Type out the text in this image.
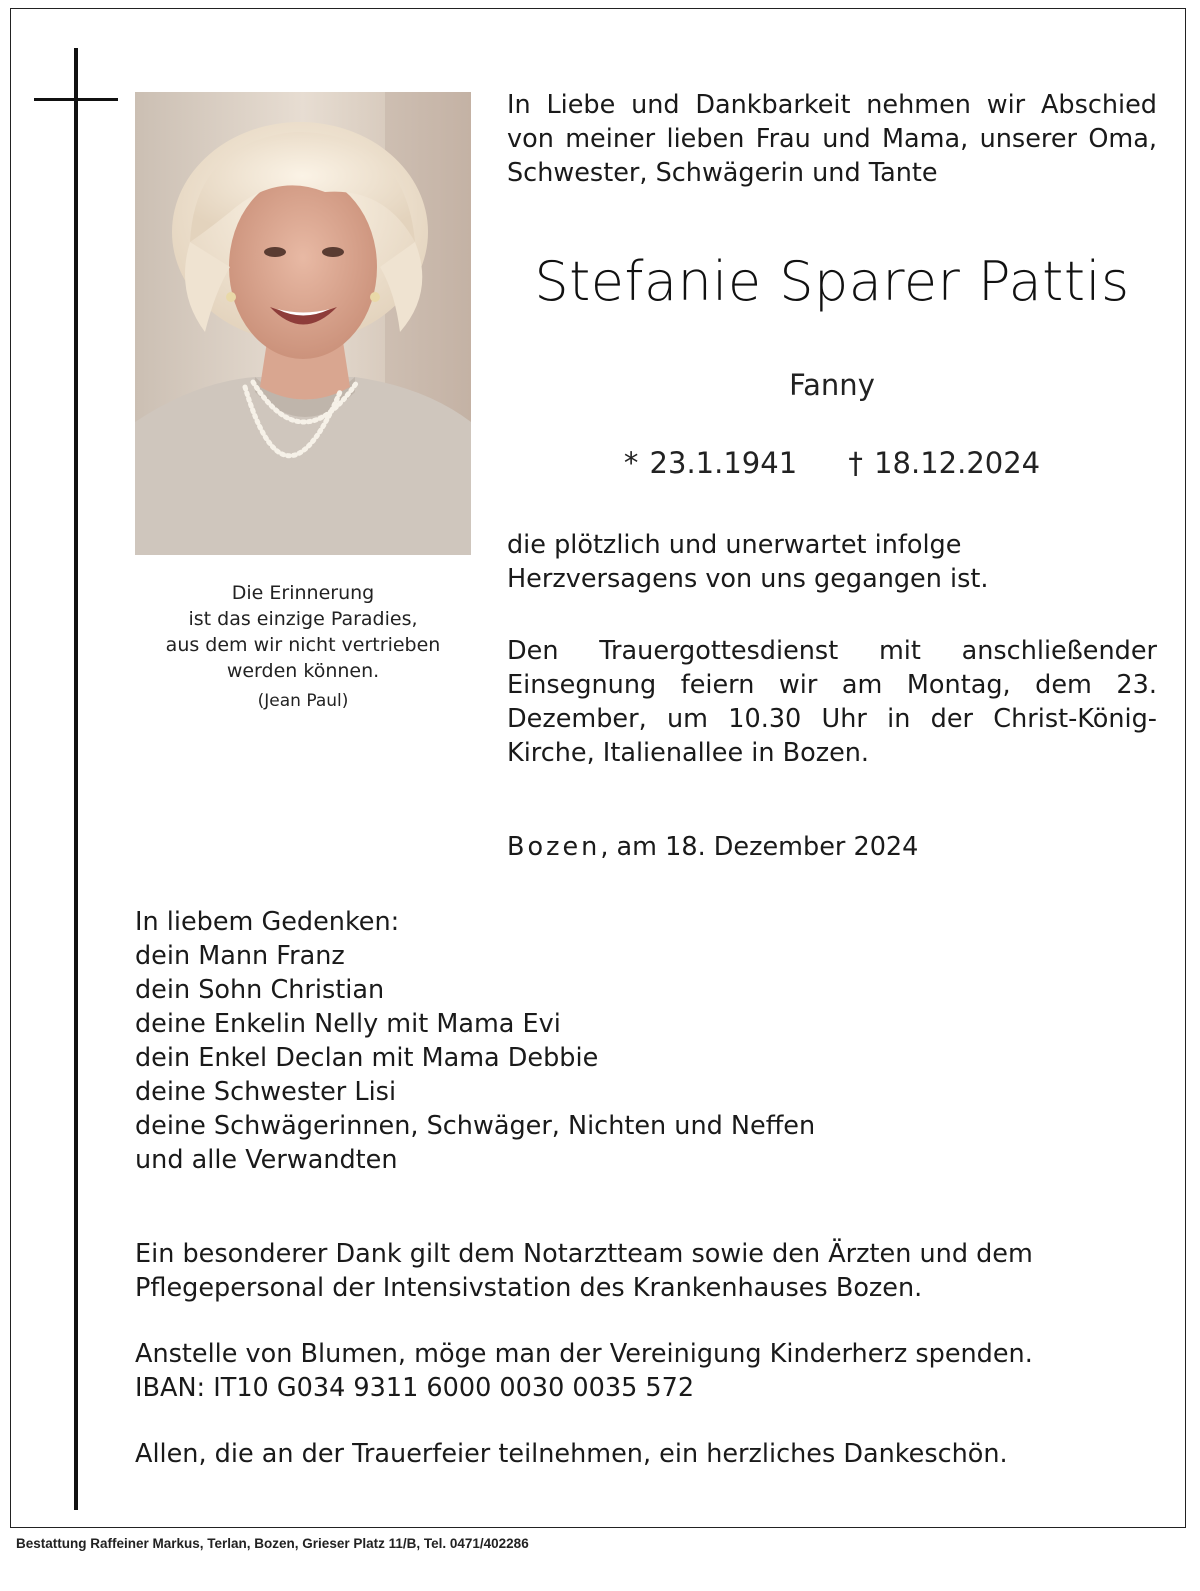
Die Erinnerung
ist das einzige Paradies,
aus dem wir nicht vertrieben
werden können.
(Jean Paul)
In Liebe und Dankbarkeit nehmen wir Abschied von meiner lieben Frau und Mama, unserer Oma, Schwester, Schwägerin und Tante
Stefanie Sparer Pattis
Fanny
* 23.1.1941 † 18.12.2024
die plötzlich und unerwartet infolge Herzversagens von uns gegangen ist.
Den Trauergottesdienst mit anschließender Einsegnung feiern wir am Montag, dem 23. Dezember, um 10.30 Uhr in der Christ-König-Kirche, Italienallee in Bozen.
Bozen, am 18. Dezember 2024
In liebem Gedenken:
dein Mann Franz
dein Sohn Christian
deine Enkelin Nelly mit Mama Evi
dein Enkel Declan mit Mama Debbie
deine Schwester Lisi
deine Schwägerinnen, Schwäger, Nichten und Neffen
und alle Verwandten

Ein besonderer Dank gilt dem Notarztteam sowie den Ärzten und dem Pflegepersonal der Intensivstation des Krankenhauses Bozen.

Anstelle von Blumen, möge man der Vereinigung Kinderherz spenden.
IBAN: IT10 G034 9311 6000 0030 0035 572

Allen, die an der Trauerfeier teilnehmen, ein herzliches Dankeschön.

Bestattung Raffeiner Markus, Terlan, Bozen, Grieser Platz 11/B, Tel. 0471/402286
